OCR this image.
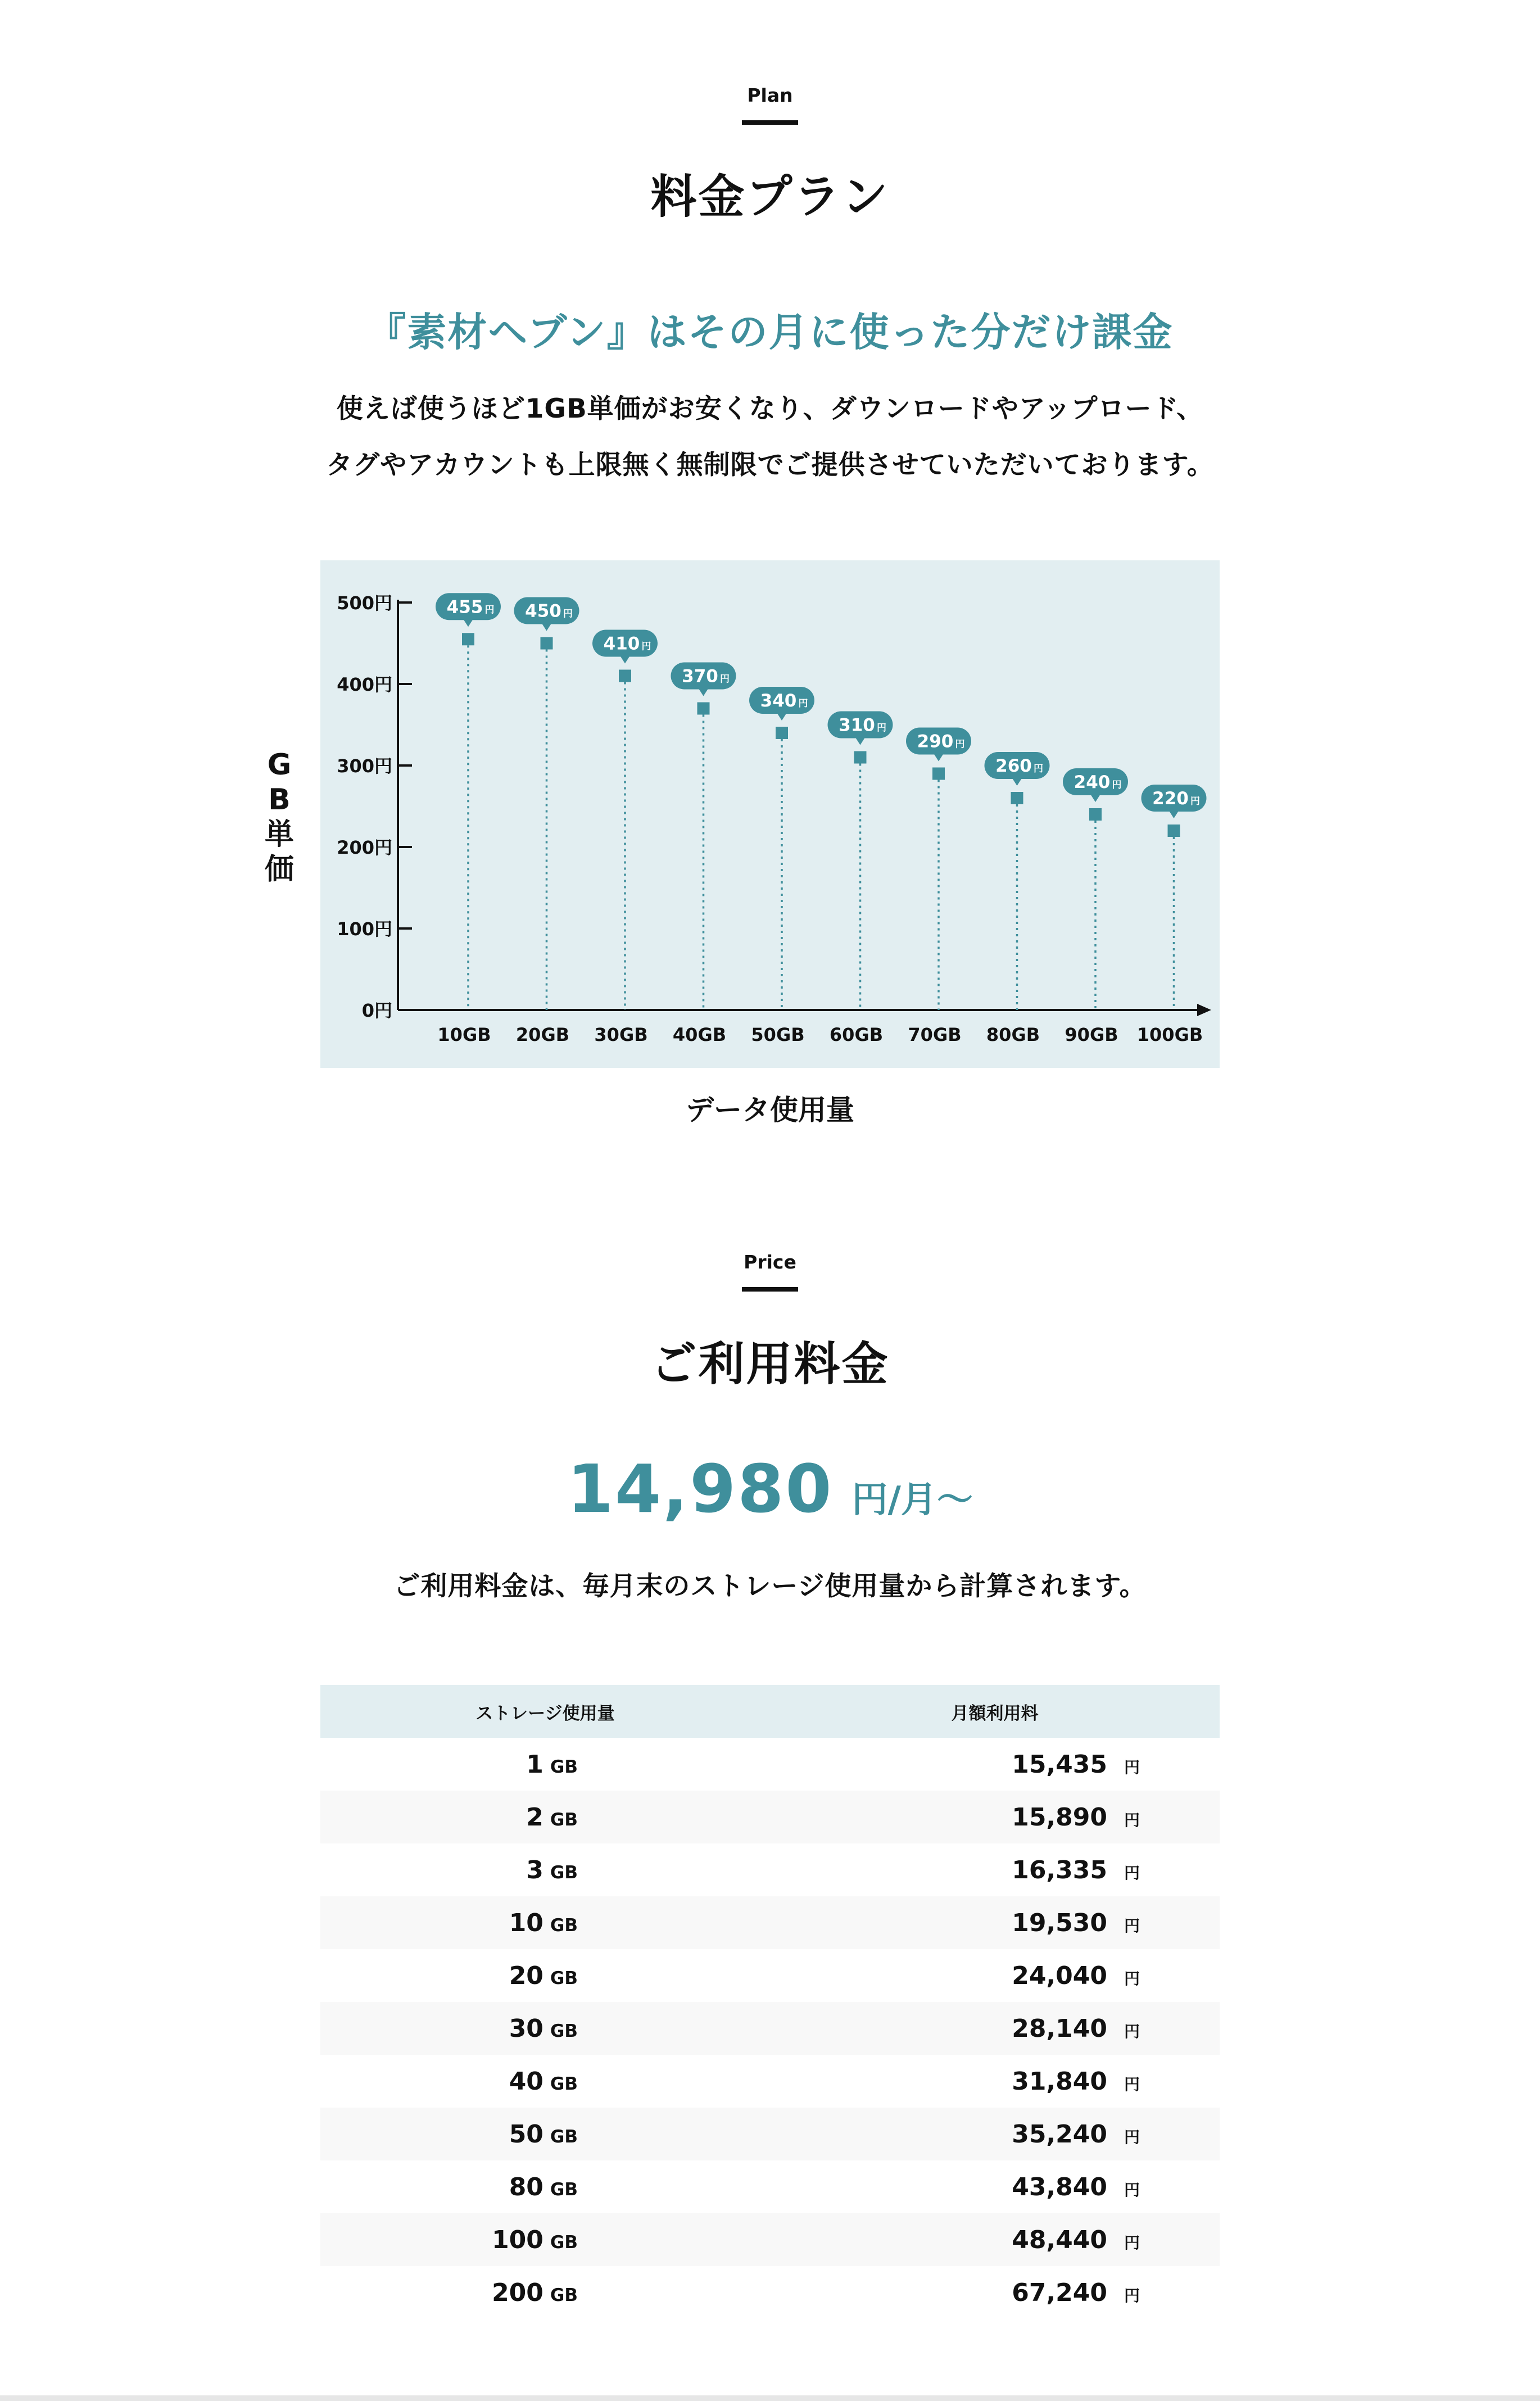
Plan
料金プラン
『素材ヘブン』はその月に使った分だけ課金
使えば使うほど1GB単価がお安くなり、ダウンロードやアップロード、
タグやアカウントも上限無く無制限でご提供させていただいております。
G
B
単
価
0円
100円
200円
300円
400円
500円	455 円
10GB
450 円
20GB
410 円
30GB
370 円
40GB
340 円
50GB
310 円
60GB
290 円
70GB
260 円
80GB
240 円
90GB
220 円
100GB
データ使用量
Price
ご利用料金
14,980 円/月〜
ご利用料金は、毎月末のストレージ使用量から計算されます。
ストレージ使用量	月額利用料
1 GB	15,435 円
2 GB	15,890 円
3 GB	16,335 円
10 GB	19,530 円
20 GB	24,040 円
30 GB	28,140 円
40 GB	31,840 円
50 GB	35,240 円
80 GB	43,840 円
100 GB	48,440 円
200 GB	67,240 円
